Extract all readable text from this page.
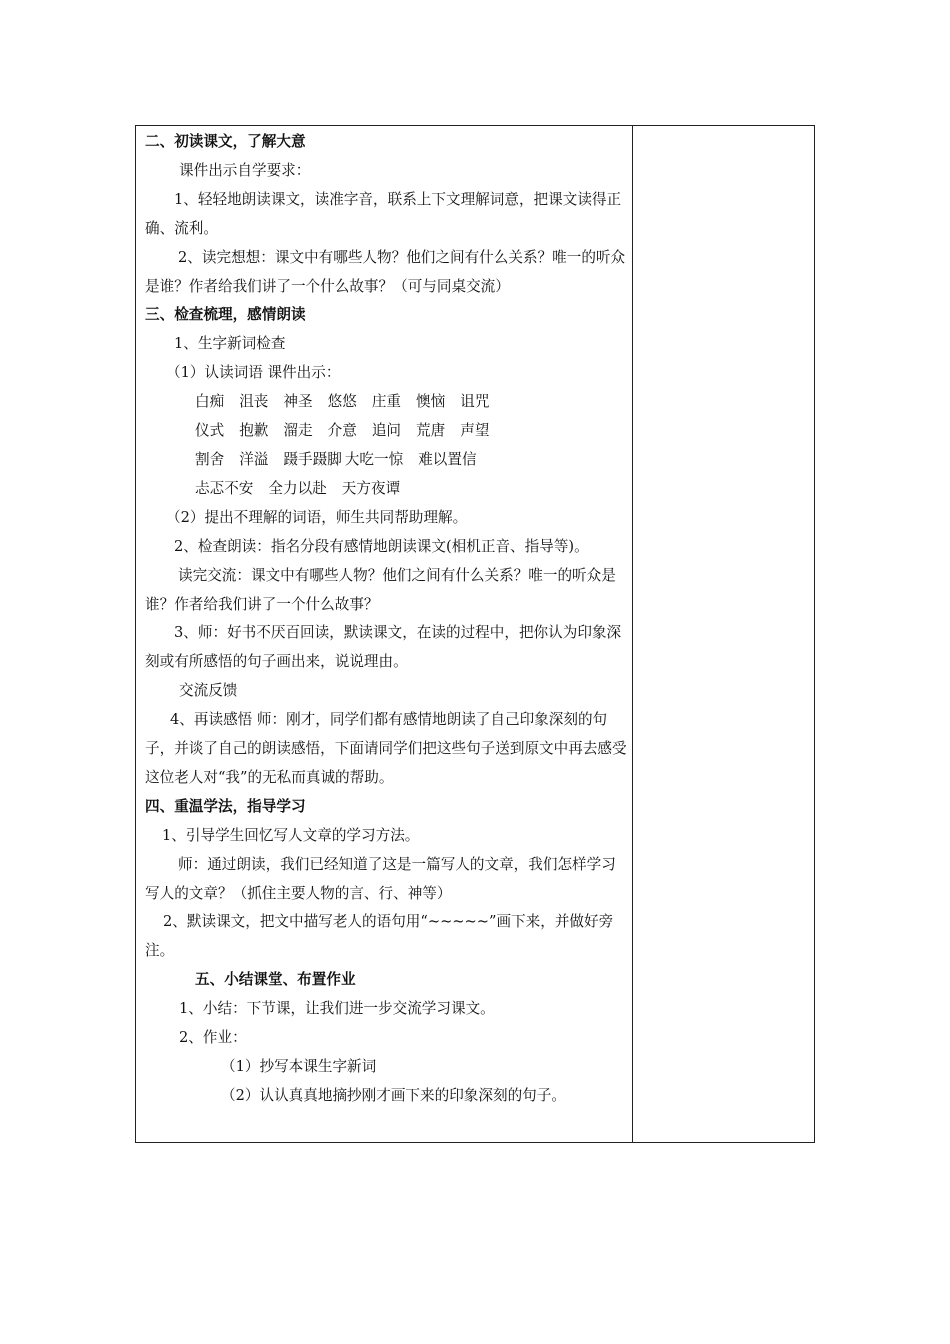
二、初读课文，了解大意

课件出示自学要求：

1、轻轻地朗读课文，读准字音，联系上下文理解词意，把课文读得正确、流利。

2、读完想想：课文中有哪些人物？他们之间有什么关系？唯一的听众是谁？作者给我们讲了一个什么故事？（可与同桌交流）

三、检查梳理，感情朗读

1、生字新词检查

（1）认读词语 课件出示：

白痴 沮丧 神圣 悠悠 庄重 懊恼 诅咒

仪式 抱歉 溜走 介意 追问 荒唐 声望

割舍 洋溢 蹑手蹑脚 大吃一惊 难以置信

忐忑不安 全力以赴 天方夜谭

（2）提出不理解的词语，师生共同帮助理解。

2、检查朗读：指名分段有感情地朗读课文(相机正音、指导等)。

读完交流：课文中有哪些人物？他们之间有什么关系？唯一的听众是谁？作者给我们讲了一个什么故事？

3、师：好书不厌百回读，默读课文，在读的过程中，把你认为印象深刻或有所感悟的句子画出来，说说理由。

交流反馈

4、再读感悟 师：刚才，同学们都有感情地朗读了自己印象深刻的句子，并谈了自己的朗读感悟，下面请同学们把这些句子送到原文中再去感受这位老人对“我”的无私而真诚的帮助。

四、重温学法，指导学习

1、引导学生回忆写人文章的学习方法。

师：通过朗读，我们已经知道了这是一篇写人的文章，我们怎样学习写人的文章？（抓住主要人物的言、行、神等）

2、默读课文，把文中描写老人的语句用“~~~~~”画下来，并做好旁注。

五、小结课堂、布置作业

1、小结：下节课，让我们进一步交流学习课文。

2、作业：

（1）抄写本课生字新词

（2）认认真真地摘抄刚才画下来的印象深刻的句子。
